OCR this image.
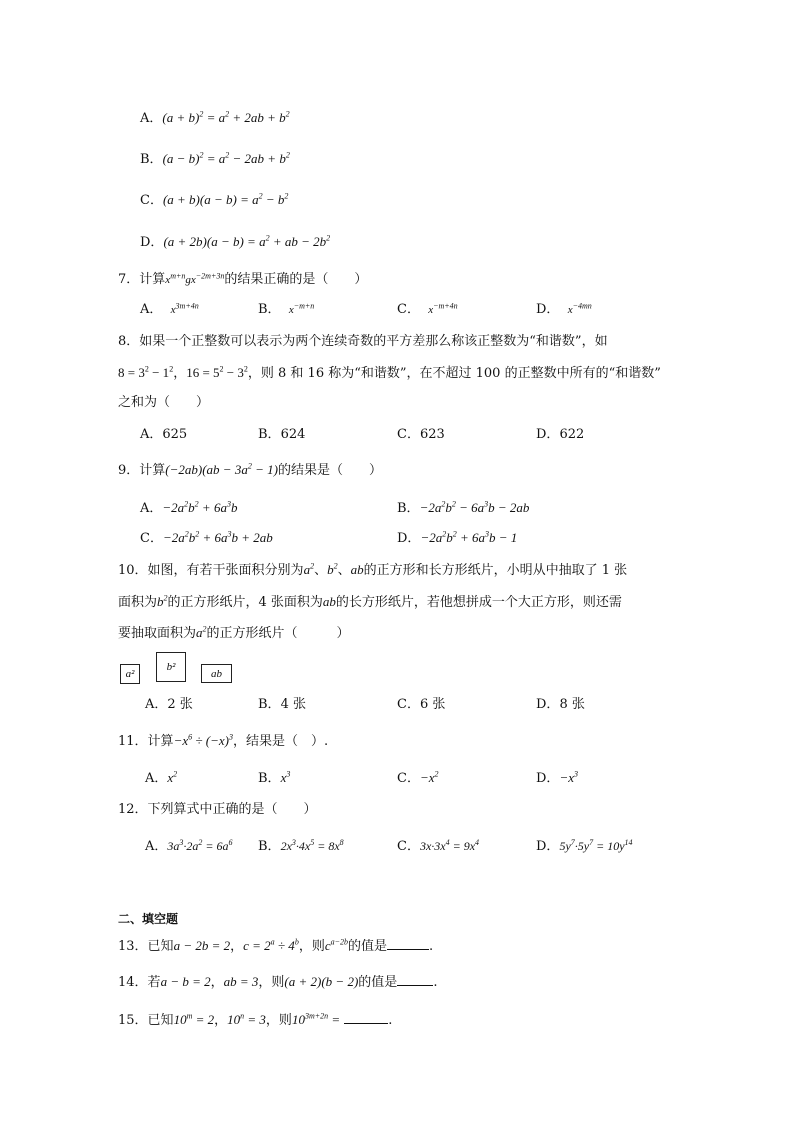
A．$(a + b)^2 = a^2 + 2ab + b^2$
B．$(a - b)^2 = a^2 - 2ab + b^2$
C．$(a + b)(a - b) = a^2 - b^2$
D．$(a + 2b)(a - b) = a^2$ + ab − $2b^2$
7．计算$x^{m+n}gx^{-2m+3n}$的结果正确的是（　　）
A． $x^{3m+4n}$	B． $x^{-m+n}$	C． $x^{-m+4n}$	D． $x^{-4mn}$
8．如果一个正整数可以表示为两个连续奇数的平方差那么称该正整数为“和谐数”，如
$8 = 3^2 - 1^2$，$16 = 5^2 - 3^2$，则 8 和 16 称为“和谐数”，在不超过 100 的正整数中所有的“和谐数”
之和为（　　）
A．625	B．624	C．623	D．622
9．计算$(-2ab)(ab - 3a^2 - 1)$的结果是（　　）
A．$-2a^2b^2 + 6a^3b$	B．$-2a^2b^2 - 6a^3b - 2ab$
C．$-2a^2b^2 + 6a^3b + 2ab$	D．$-2a^2b^2 + 6a^3b - 1$
10．如图，有若干张面积分别为$a^2$、$b^2$、ab的正方形和长方形纸片，小明从中抽取了 1 张
面积为$b^2$的正方形纸片，4 张面积为ab的长方形纸片，若他想拼成一个大正方形，则还需
要抽取面积为$a^2$的正方形纸片（　　　）
a²
b²
ab
A．2 张	B．4 张	C．6 张	D．8 张
11．计算$-x^6 \div (-x)^3$，结果是（　）.
A．$x^2$	B．$x^3$	C．$-x^2$	D．$-x^3$
12．下列算式中正确的是（　　）
A．$3a^3\cdot 2a^2 = 6a^6$ B．$2x^3\cdot 4x^5 = 8x^8$	C．$3x\cdot 3x^4 = 9x^4$	D．$5y^7\cdot 5y^7 = 10y^{14}$
二、填空题
13．已知a − 2b = 2，$c = 2^a \div 4^b$，则$c^{a-2b}$的值是	.
14．若a − b = 2，ab = 3，则(a + 2)(b − 2)的值是	.
15．已知$10^m = 2$，$10^n = 3$，则$10^{3m+2n}$ =	.
